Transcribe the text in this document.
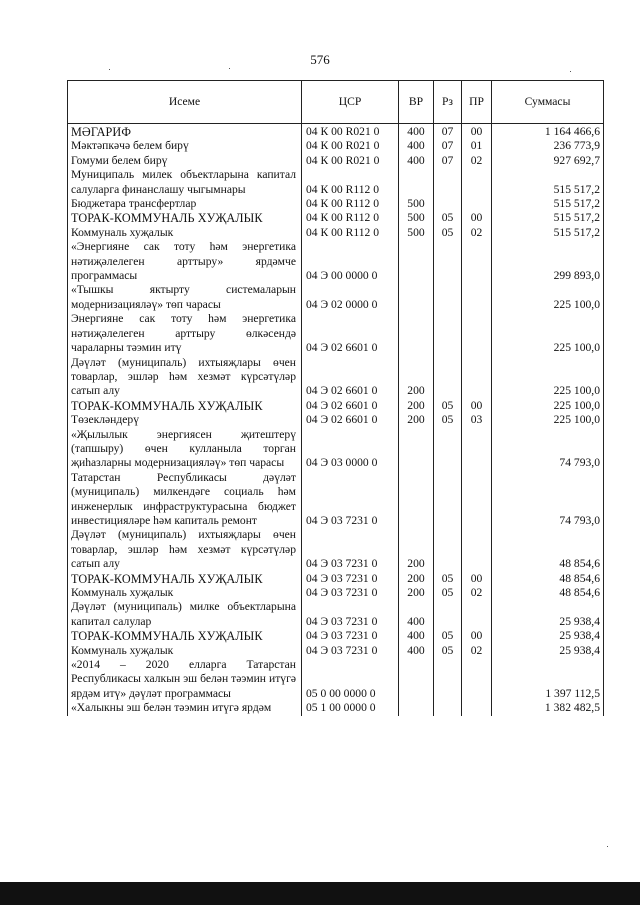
576
Исеме	ЦСР	ВР	Рз	ПР	Суммасы
МӘГАРИФ	04 К 00 R021 0	400	07	00	1 164 466,6
Мәктәпкәчә белем бирү	04 К 00 R021 0	400	07	01	236 773,9
Гомуми белем бирү	04 К 00 R021 0	400	07	02	927 692,7
Муниципаль милек объектларына капитал салуларга финанслашу чыгымнары	04 К 00 R112 0				515 517,2
Бюджетара трансфертлар	04 К 00 R112 0	500			515 517,2
ТОРАК-КОММУНАЛЬ ХУҖАЛЫК	04 К 00 R112 0	500	05	00	515 517,2
Коммуналь хуҗалык	04 К 00 R112 0	500	05	02	515 517,2
«Энергияне сак тоту һәм энергетика нәтиҗәлелеген арттыру» ярдәмче программасы	04 Э 00 0000 0				299 893,0
«Тышкы яктырту системаларын модернизацияләү» төп чарасы	04 Э 02 0000 0				225 100,0
Энергияне сак тоту һәм энергетика нәтиҗәлелеген арттыру өлкәсендә чараларны тәэмин итү	04 Э 02 6601 0				225 100,0
Дәүләт (муниципаль) ихтыяҗлары өчен товарлар, эшләр һәм хезмәт күрсәтүләр сатып алу	04 Э 02 6601 0	200			225 100,0
ТОРАК-КОММУНАЛЬ ХУҖАЛЫК	04 Э 02 6601 0	200	05	00	225 100,0
Төзекләндерү	04 Э 02 6601 0	200	05	03	225 100,0
«Җылылык энергиясен җитештерү (тапшыру) өчен кулланыла торган җиһазларны модернизацияләү» төп чарасы	04 Э 03 0000 0				74 793,0
Татарстан Республикасы дәүләт (муниципаль) милкендәге социаль һәм инженерлык инфраструктурасына бюджет инвестицияләре һәм капиталь ремонт	04 Э 03 7231 0				74 793,0
Дәүләт (муниципаль) ихтыяҗлары өчен товарлар, эшләр һәм хезмәт күрсәтүләр сатып алу	04 Э 03 7231 0	200			48 854,6
ТОРАК-КОММУНАЛЬ ХУҖАЛЫК	04 Э 03 7231 0	200	05	00	48 854,6
Коммуналь хуҗалык	04 Э 03 7231 0	200	05	02	48 854,6
Дәүләт (муниципаль) милке объектларына капитал салулар	04 Э 03 7231 0	400			25 938,4
ТОРАК-КОММУНАЛЬ ХУҖАЛЫК	04 Э 03 7231 0	400	05	00	25 938,4
Коммуналь хуҗалык	04 Э 03 7231 0	400	05	02	25 938,4
«2014 – 2020 елларга Татарстан Республикасы халкын эш белән тәэмин итүгә ярдәм итү» дәүләт программасы	05 0 00 0000 0				1 397 112,5
«Халыкны эш белән тәэмин итүгә ярдәм	05 1 00 0000 0				1 382 482,5
